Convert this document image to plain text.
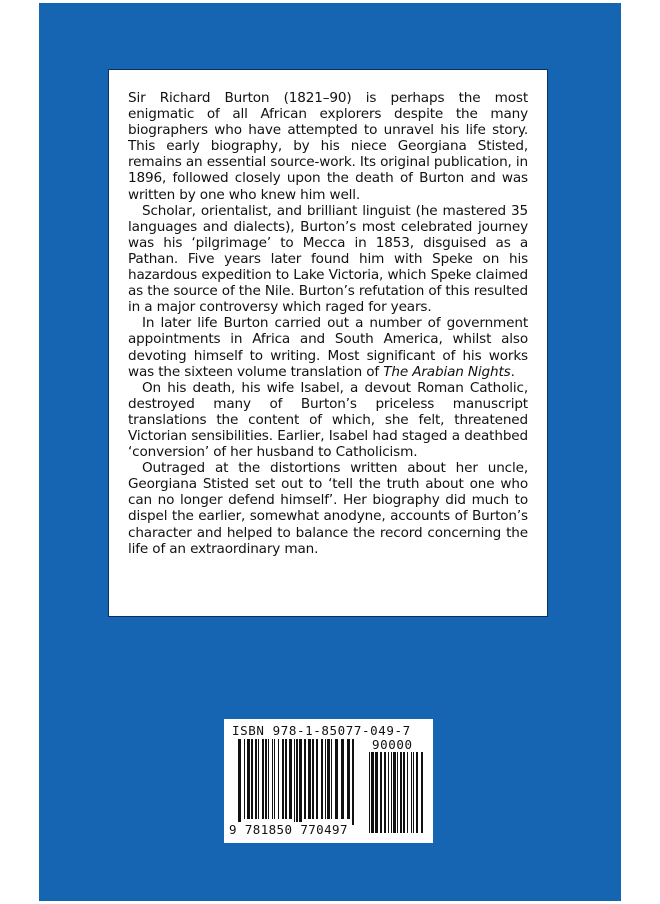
Sir Richard Burton (1821–90) is perhaps the most enigmatic of all African explorers despite the many biographers who have attempted to unravel his life story. This early biography, by his niece Georgiana Stisted, remains an essential source-work. Its original publication, in 1896, followed closely upon the death of Burton and was written by one who knew him well.

Scholar, orientalist, and brilliant linguist (he mastered 35 languages and dialects), Burton’s most celebrated journey was his ‘pilgrimage’ to Mecca in 1853, disguised as a Pathan. Five years later found him with Speke on his hazardous expedition to Lake Victoria, which Speke claimed as the source of the Nile. Burton’s refutation of this resulted in a major controversy which raged for years.

In later life Burton carried out a number of government appointments in Africa and South America, whilst also devoting himself to writing. Most significant of his works was the sixteen volume translation of The Arabian Nights.

On his death, his wife Isabel, a devout Roman Catholic, destroyed many of Burton’s priceless manuscript translations the content of which, she felt, threatened Victorian sensibilities. Earlier, Isabel had staged a deathbed ‘conversion’ of her husband to Catholicism.

Outraged at the distortions written about her uncle, Georgiana Stisted set out to ‘tell the truth about one who can no longer defend himself’. Her biography did much to dispel the earlier, somewhat anodyne, accounts of Burton’s character and helped to balance the record concerning the life of an extraordinary man.

ISBN 978-1-85077-049-7
90000
9 781850 770497
